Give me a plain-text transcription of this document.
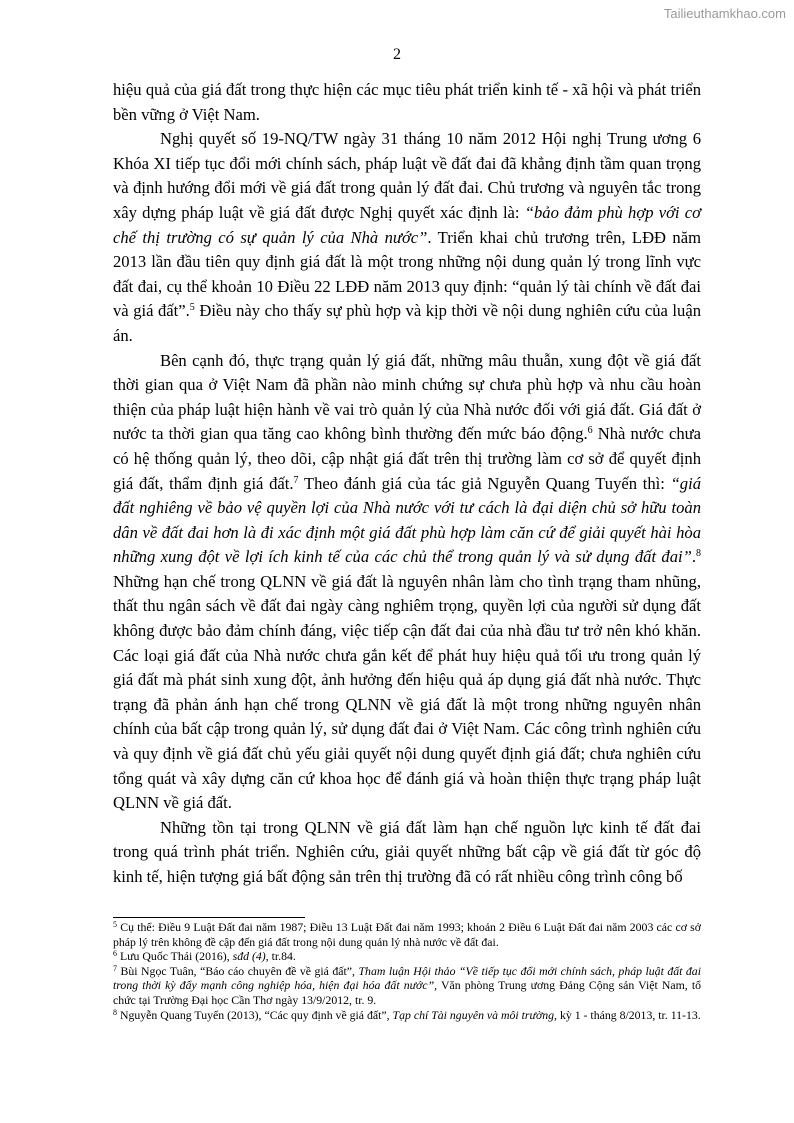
Tailieuthamkhao.com
2

hiệu quả của giá đất trong thực hiện các mục tiêu phát triển kinh tế - xã hội và phát triển bền vững ở Việt Nam.

Nghị quyết số 19-NQ/TW ngày 31 tháng 10 năm 2012 Hội nghị Trung ương 6 Khóa XI tiếp tục đổi mới chính sách, pháp luật về đất đai đã khẳng định tầm quan trọng và định hướng đổi mới về giá đất trong quản lý đất đai. Chủ trương và nguyên tắc trong xây dựng pháp luật về giá đất được Nghị quyết xác định là: “bảo đảm phù hợp với cơ chế thị trường có sự quản lý của Nhà nước”. Triển khai chủ trương trên, LĐĐ năm 2013 lần đầu tiên quy định giá đất là một trong những nội dung quản lý trong lĩnh vực đất đai, cụ thể khoản 10 Điều 22 LĐĐ năm 2013 quy định: “quản lý tài chính về đất đai và giá đất”.$^5$ Điều này cho thấy sự phù hợp và kịp thời về nội dung nghiên cứu của luận án.

Bên cạnh đó, thực trạng quản lý giá đất, những mâu thuẫn, xung đột về giá đất thời gian qua ở Việt Nam đã phần nào minh chứng sự chưa phù hợp và nhu cầu hoàn thiện của pháp luật hiện hành về vai trò quản lý của Nhà nước đối với giá đất. Giá đất ở nước ta thời gian qua tăng cao không bình thường đến mức báo động.$^6$ Nhà nước chưa có hệ thống quản lý, theo dõi, cập nhật giá đất trên thị trường làm cơ sở để quyết định giá đất, thẩm định giá đất.$^7$ Theo đánh giá của tác giả Nguyễn Quang Tuyến thì: “giá đất nghiêng về bảo vệ quyền lợi của Nhà nước với tư cách là đại diện chủ sở hữu toàn dân về đất đai hơn là đi xác định một giá đất phù hợp làm căn cứ để giải quyết hài hòa những xung đột về lợi ích kinh tế của các chủ thể trong quản lý và sử dụng đất đai”.$^8$ Những hạn chế trong QLNN về giá đất là nguyên nhân làm cho tình trạng tham nhũng, thất thu ngân sách về đất đai ngày càng nghiêm trọng, quyền lợi của người sử dụng đất không được bảo đảm chính đáng, việc tiếp cận đất đai của nhà đầu tư trở nên khó khăn. Các loại giá đất của Nhà nước chưa gắn kết để phát huy hiệu quả tối ưu trong quản lý giá đất mà phát sinh xung đột, ảnh hưởng đến hiệu quả áp dụng giá đất nhà nước. Thực trạng đã phản ánh hạn chế trong QLNN về giá đất là một trong những nguyên nhân chính của bất cập trong quản lý, sử dụng đất đai ở Việt Nam. Các công trình nghiên cứu và quy định về giá đất chủ yếu giải quyết nội dung quyết định giá đất; chưa nghiên cứu tổng quát và xây dựng căn cứ khoa học để đánh giá và hoàn thiện thực trạng pháp luật QLNN về giá đất.

Những tồn tại trong QLNN về giá đất làm hạn chế nguồn lực kinh tế đất đai trong quá trình phát triển. Nghiên cứu, giải quyết những bất cập về giá đất từ góc độ kinh tế, hiện tượng giá bất động sản trên thị trường đã có rất nhiều công trình công bố

$^5$ Cụ thể: Điều 9 Luật Đất đai năm 1987; Điều 13 Luật Đất đai năm 1993; khoản 2 Điều 6 Luật Đất đai năm 2003 các cơ sở pháp lý trên không đề cập đến giá đất trong nội dung quản lý nhà nước về đất đai.

$^6$ Lưu Quốc Thái (2016), sđd (4), tr.84.

$^7$ Bùi Ngọc Tuân, “Báo cáo chuyên đề về giá đất”, Tham luận Hội thảo “Về tiếp tục đổi mới chính sách, pháp luật đất đai trong thời kỳ đẩy mạnh công nghiệp hóa, hiện đại hóa đất nước”, Văn phòng Trung ương Đảng Cộng sản Việt Nam, tổ chức tại Trường Đại học Cần Thơ ngày 13/9/2012, tr. 9.

$^8$ Nguyễn Quang Tuyến (2013), “Các quy định về giá đất”, Tạp chí Tài nguyên và môi trường, kỳ 1 - tháng 8/2013, tr. 11-13.
